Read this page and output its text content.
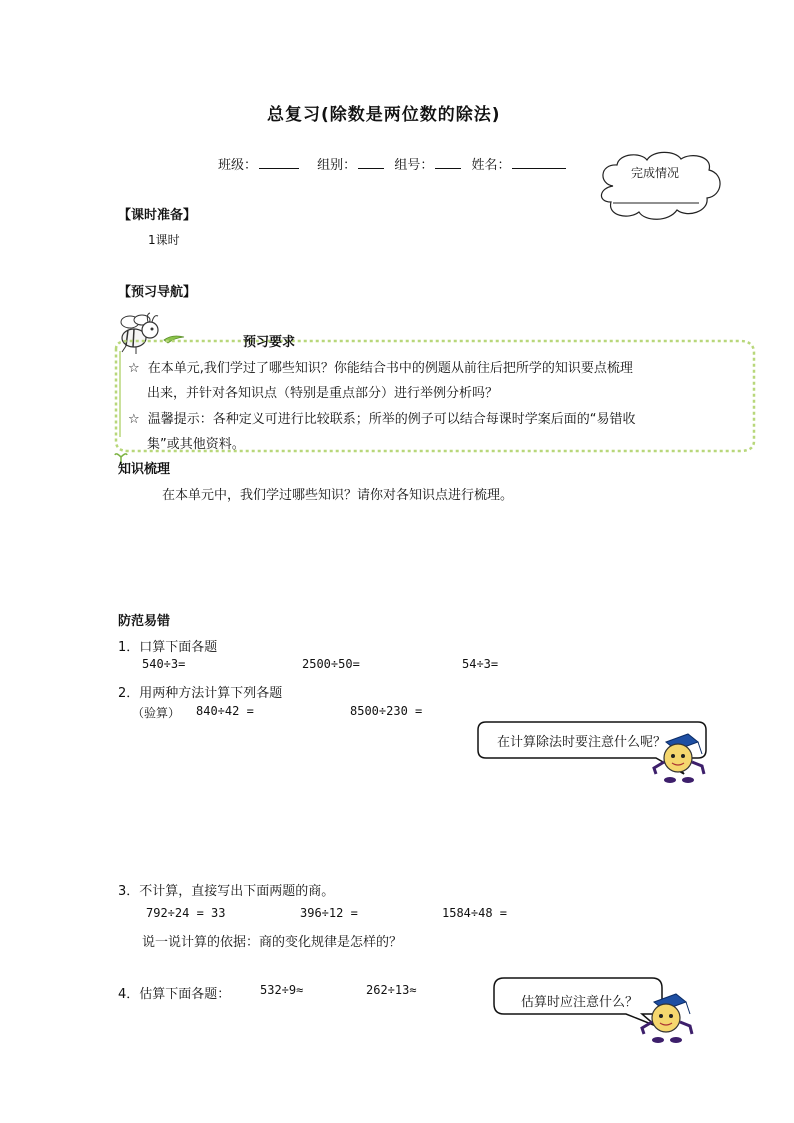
总复习(除数是两位数的除法)
班级：	组别：	组号：	姓名：	完成情况
【课时准备】
1课时
【预习导航】
预习要求
☆ 在本单元,我们学过了哪些知识？你能结合书中的例题从前往后把所学的知识要点梳理
出来，并针对各知识点（特别是重点部分）进行举例分析吗？
☆ 温馨提示：各种定义可进行比较联系；所举的例子可以结合每课时学案后面的“易错收
集”或其他资料。
知识梳理
在本单元中，我们学过哪些知识？请你对各知识点进行梳理。
防范易错
1．口算下面各题
540÷3=	2500÷50=	54÷3=
2．用两种方法计算下列各题
（验算） 840÷42 =	8500÷230 =
在计算除法时要注意什么呢？
3．不计算，直接写出下面两题的商。
792÷24 = 33	396÷12 =	1584÷48 =
说一说计算的依据：商的变化规律是怎样的？
4．估算下面各题： 532÷9≈	262÷13≈
估算时应注意什么？
